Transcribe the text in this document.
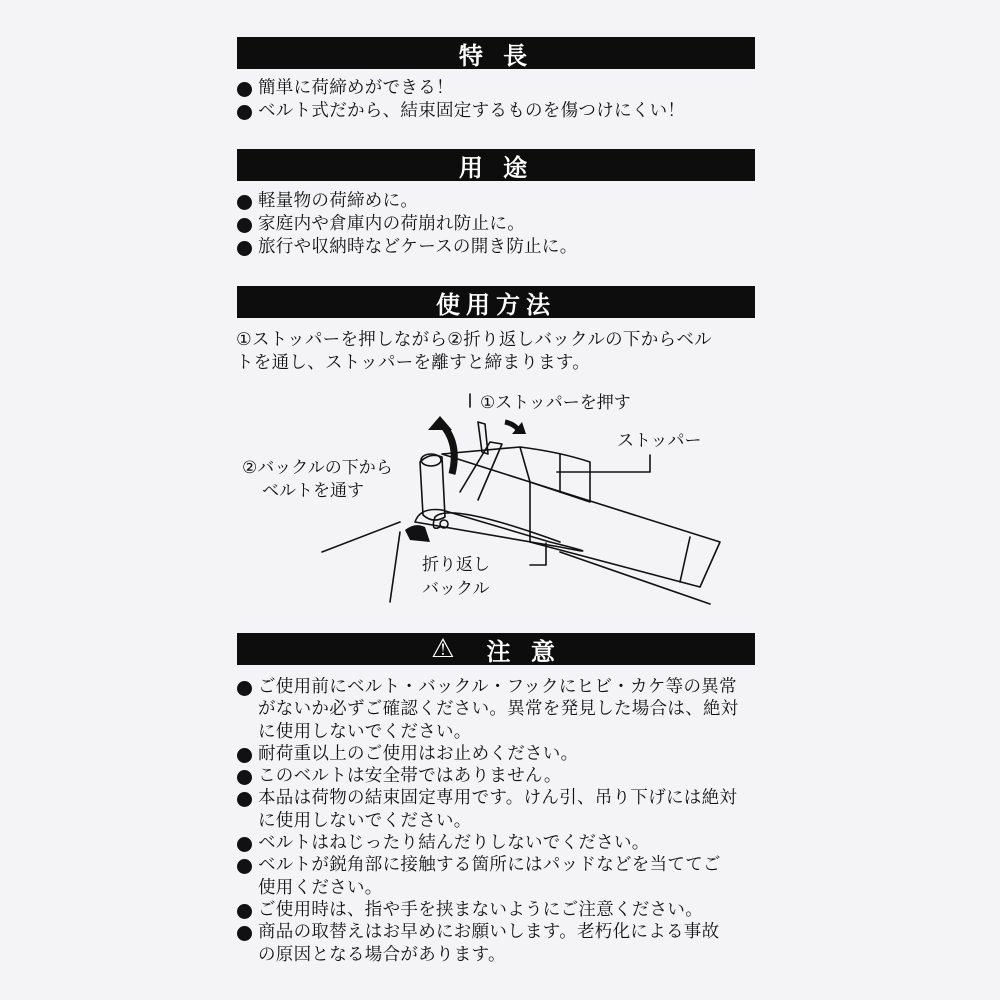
特 長
簡単に荷締めができる！
ベルト式だから、結束固定するものを傷つけにくい！
用 途
軽量物の荷締めに。
家庭内や倉庫内の荷崩れ防止に。
旅行や収納時などケースの開き防止に。
使用方法
①ストッパーを押しながら②折り返しバックルの下からベル
トを通し、ストッパーを離すと締まります。
①ストッパーを押す
ストッパー
②バックルの下から
ベルトを通す
折り返し
バックル
⚠ 注 意
ご使用前にベルト・バックル・フックにヒビ・カケ等の異常
がないか必ずご確認ください。異常を発見した場合は、絶対
に使用しないでください。
耐荷重以上のご使用はお止めください。
このベルトは安全帯ではありません。
本品は荷物の結束固定専用です。けん引、吊り下げには絶対
に使用しないでください。
ベルトはねじったり結んだりしないでください。
ベルトが鋭角部に接触する箇所にはパッドなどを当ててご
使用ください。
ご使用時は、指や手を挟まないようにご注意ください。
商品の取替えはお早めにお願いします。老朽化による事故
の原因となる場合があります。
